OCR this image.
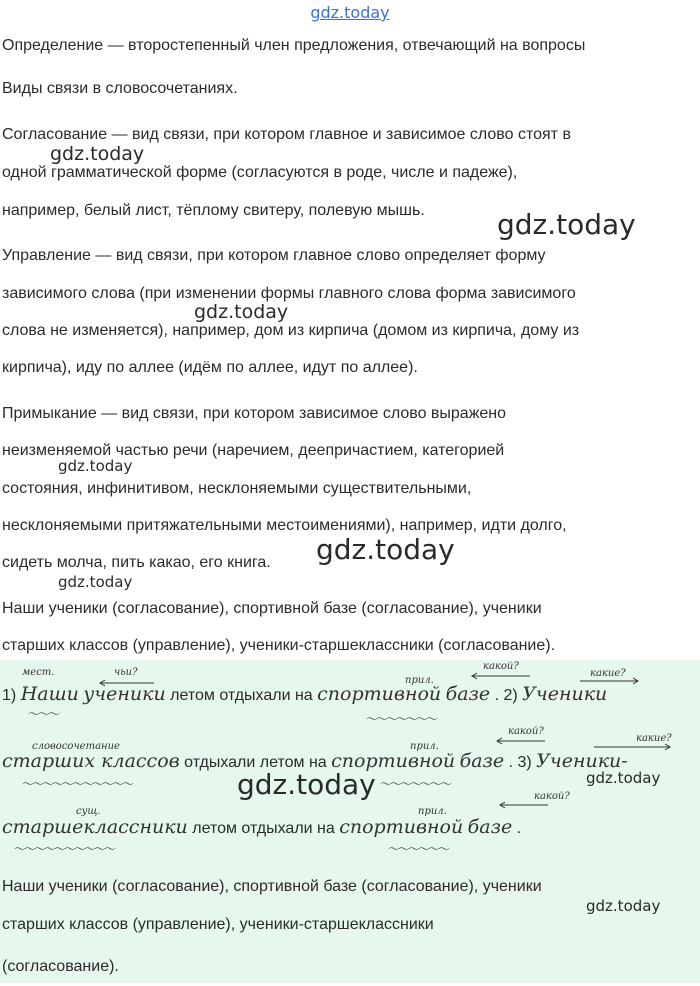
gdz.today

Определение — второстепенный член предложения, отвечающий на вопросы

Виды связи в словосочетаниях.

Согласование — вид связи, при котором главное и зависимое слово стоят в

одной грамматической форме (согласуются в роде, числе и падеже),

например, белый лист, тёплому свитеру, полевую мышь.

Управление — вид связи, при котором главное слово определяет форму

зависимого слова (при изменении формы главного слова форма зависимого

слова не изменяется), например, дом из кирпича (домом из кирпича, дому из

кирпича), иду по аллее (идём по аллее, идут по аллее).

Примыкание — вид связи, при котором зависимое слово выражено

неизменяемой частью речи (наречием, деепричастием, категорией

состояния, инфинитивом, несклоняемыми существительными,

несклоняемыми притяжательными местоимениями), например, идти долго,

сидеть молча, пить какао, его книга.

Наши ученики (согласование), спортивной базе (согласование), ученики

старших классов (управление), ученики-старшеклассники (согласование).

мест.	чьи?
прил.
какой?
какие?
1) Наши ученики летом отдыхали на спортивной базе . 2) Ученики
～～～	～～～～～～～
словосочетание	прил.
какой?
какие?
старших классов отдыхали летом на спортивной базе . 3) Ученики-
～～～～～～～～～～～	～～～～～～～
сущ.	прил.
какой?
старшеклассники летом отдыхали на спортивной базе .
～～～～～～～～～～	～～～～～～

Наши ученики (согласование), спортивной базе (согласование), ученики

старших классов (управление), ученики-старшеклассники

(согласование).

gdz.today
gdz.today
gdz.today
gdz.today
gdz.today
gdz.today
gdz.today	gdz.today
gdz.today
